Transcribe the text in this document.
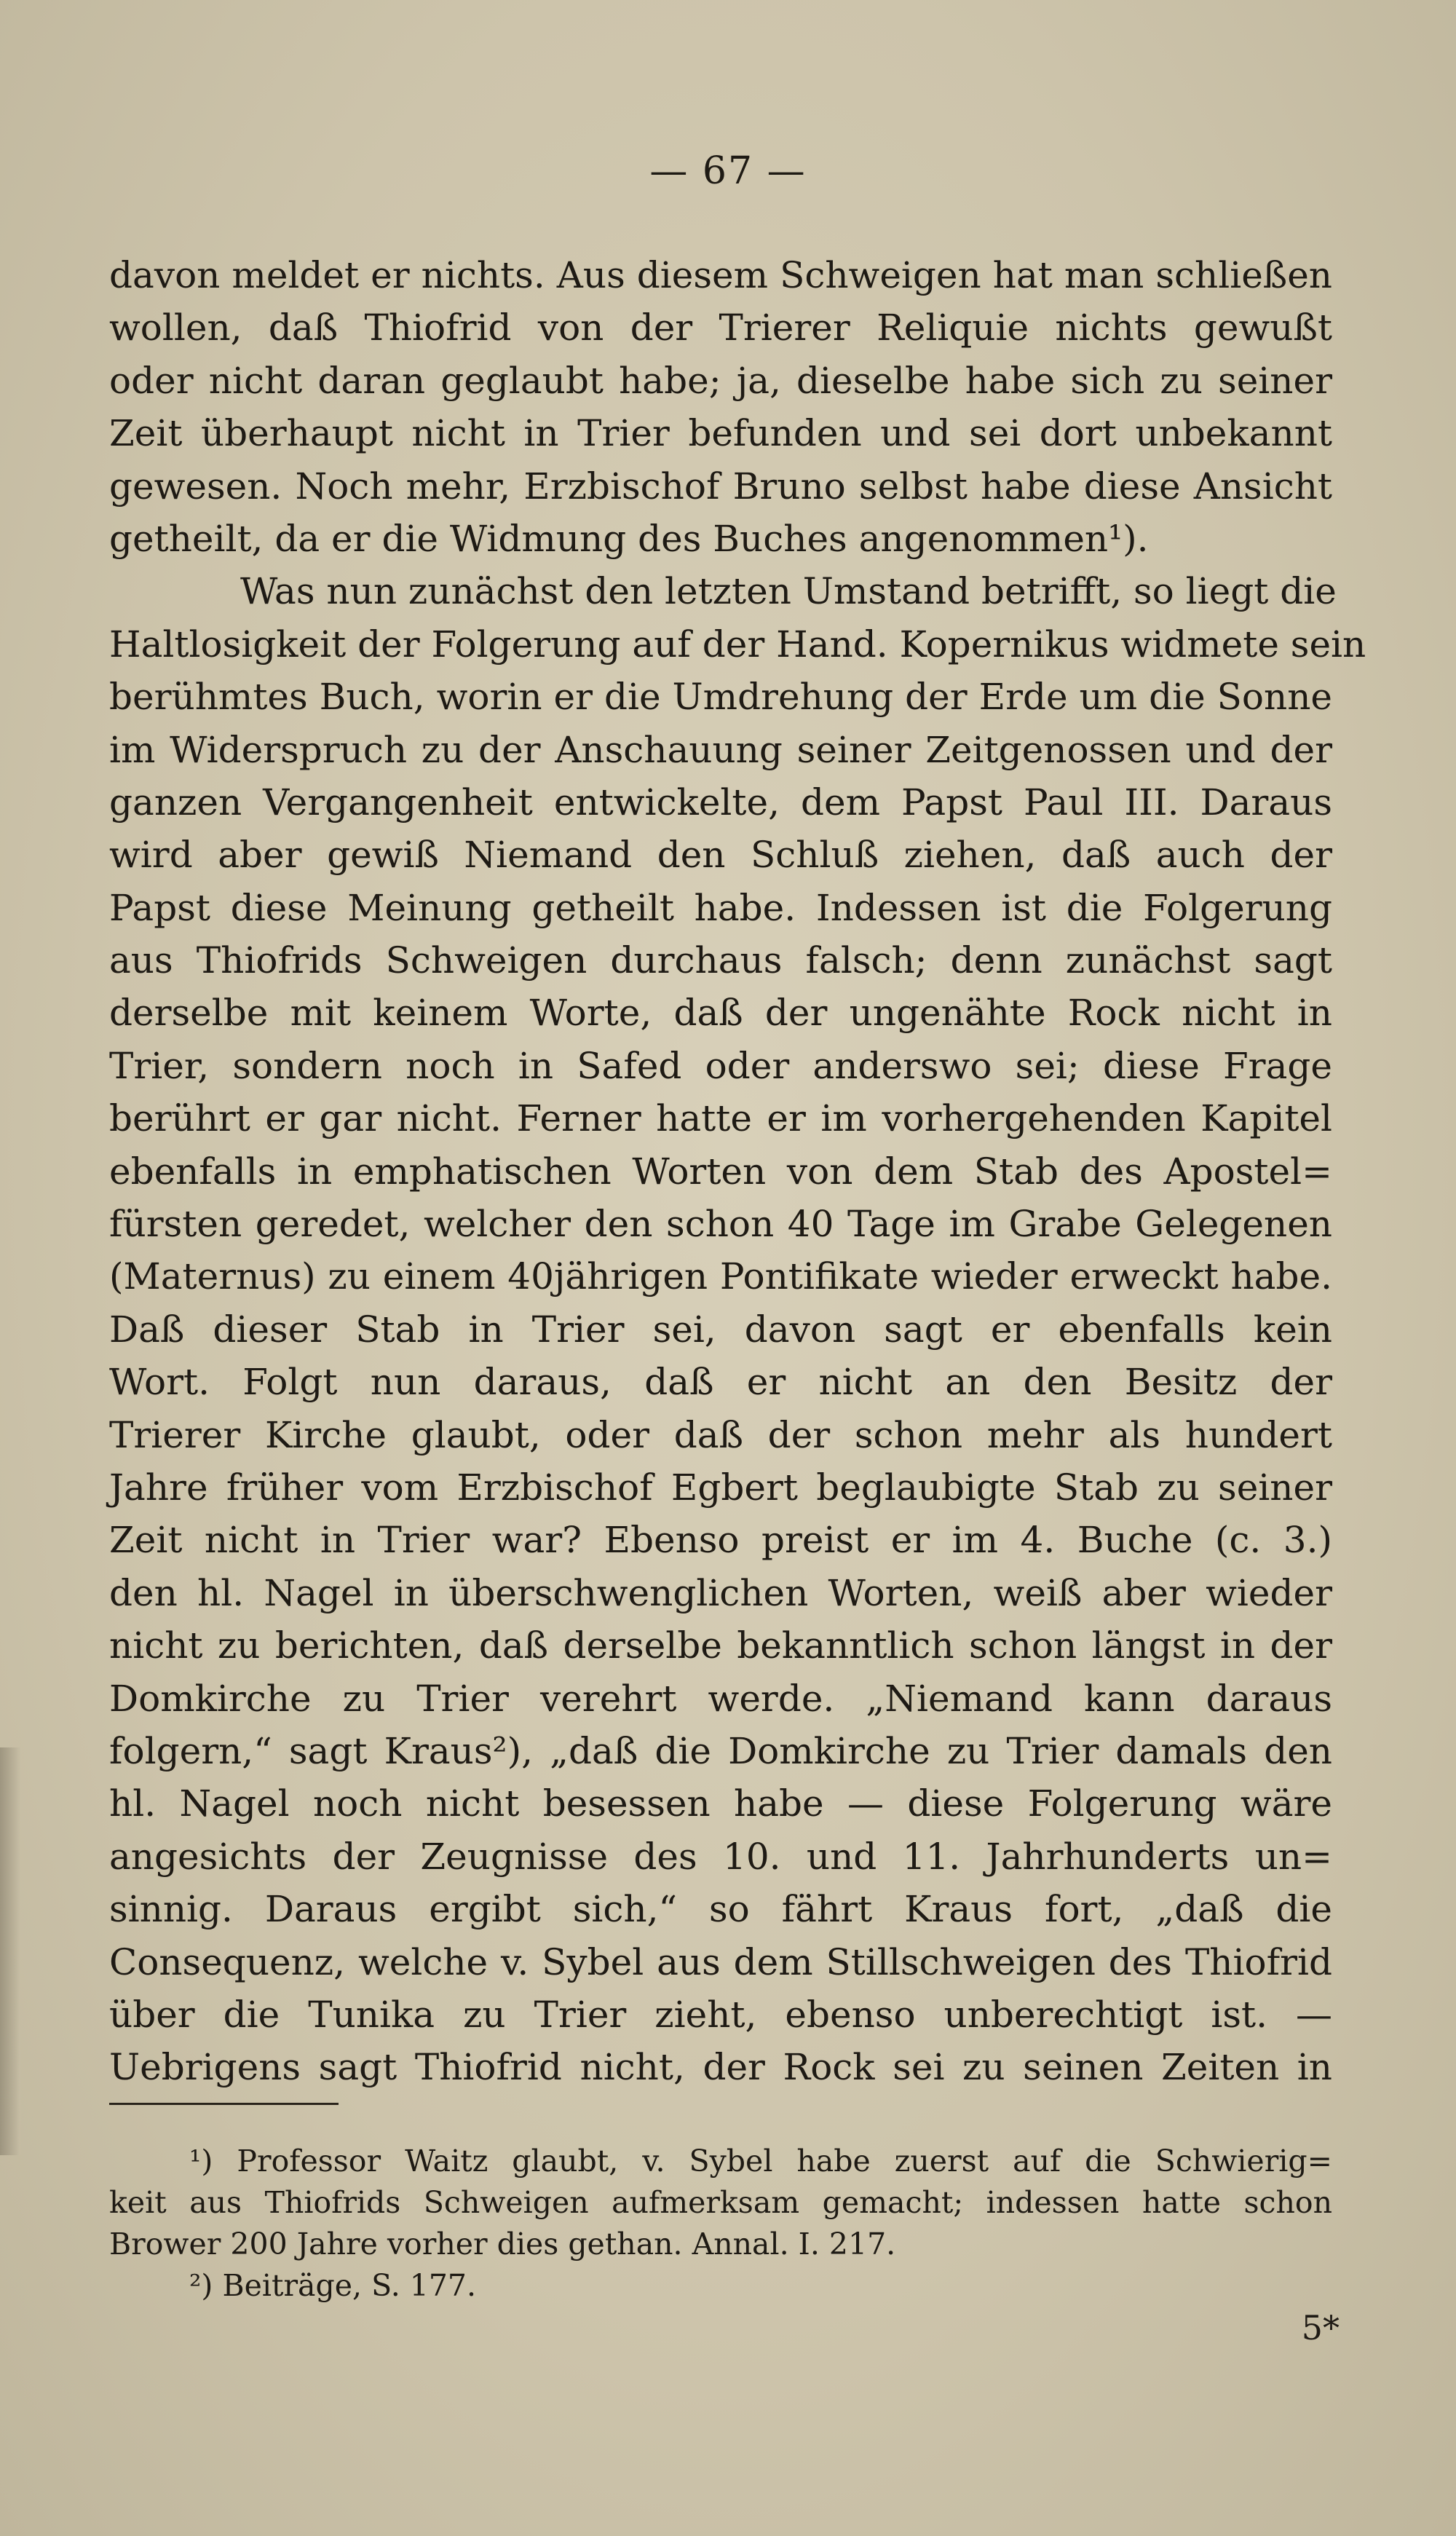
— 67 —
davon meldet er nichts. Aus diesem Schweigen hat man schließen
wollen, daß Thiofrid von der Trierer Reliquie nichts gewußt
oder nicht daran geglaubt habe; ja, dieselbe habe sich zu seiner
Zeit überhaupt nicht in Trier befunden und sei dort unbekannt
gewesen. Noch mehr, Erzbischof Bruno selbst habe diese Ansicht
getheilt, da er die Widmung des Buches angenommen¹).
Was nun zunächst den letzten Umstand betrifft, so liegt die
Haltlosigkeit der Folgerung auf der Hand. Kopernikus widmete sein
berühmtes Buch, worin er die Umdrehung der Erde um die Sonne
im Widerspruch zu der Anschauung seiner Zeitgenossen und der
ganzen Vergangenheit entwickelte, dem Papst Paul III. Daraus
wird aber gewiß Niemand den Schluß ziehen, daß auch der
Papst diese Meinung getheilt habe. Indessen ist die Folgerung
aus Thiofrids Schweigen durchaus falsch; denn zunächst sagt
derselbe mit keinem Worte, daß der ungenähte Rock nicht in
Trier, sondern noch in Safed oder anderswo sei; diese Frage
berührt er gar nicht. Ferner hatte er im vorhergehenden Kapitel
ebenfalls in emphatischen Worten von dem Stab des Apostel=
fürsten geredet, welcher den schon 40 Tage im Grabe Gelegenen
(Maternus) zu einem 40jährigen Pontifikate wieder erweckt habe.
Daß dieser Stab in Trier sei, davon sagt er ebenfalls kein
Wort. Folgt nun daraus, daß er nicht an den Besitz der
Trierer Kirche glaubt, oder daß der schon mehr als hundert
Jahre früher vom Erzbischof Egbert beglaubigte Stab zu seiner
Zeit nicht in Trier war? Ebenso preist er im 4. Buche (c. 3.)
den hl. Nagel in überschwenglichen Worten, weiß aber wieder
nicht zu berichten, daß derselbe bekanntlich schon längst in der
Domkirche zu Trier verehrt werde. „Niemand kann daraus
folgern,“ sagt Kraus²), „daß die Domkirche zu Trier damals den
hl. Nagel noch nicht besessen habe — diese Folgerung wäre
angesichts der Zeugnisse des 10. und 11. Jahrhunderts un=
sinnig. Daraus ergibt sich,“ so fährt Kraus fort, „daß die
Consequenz, welche v. Sybel aus dem Stillschweigen des Thiofrid
über die Tunika zu Trier zieht, ebenso unberechtigt ist. —
Uebrigens sagt Thiofrid nicht, der Rock sei zu seinen Zeiten in
¹) Professor Waitz glaubt, v. Sybel habe zuerst auf die Schwierig=
keit aus Thiofrids Schweigen aufmerksam gemacht; indessen hatte schon
Brower 200 Jahre vorher dies gethan. Annal. I. 217.
²) Beiträge, S. 177.
5*
